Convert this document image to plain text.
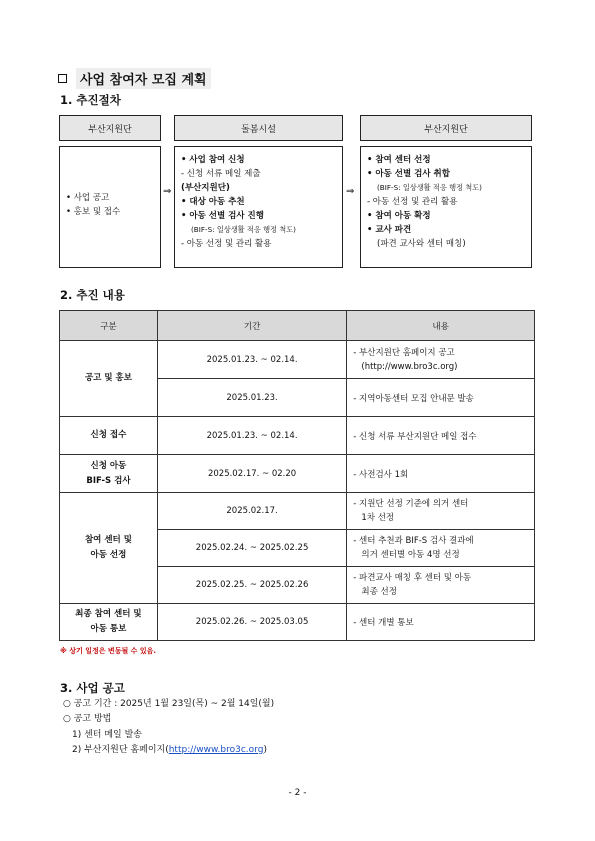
사업 참여자 모집 계획
1. 추진절차
부산지원단
• 사업 공고
• 홍보 및 접수
⇒
돌봄시설
• 사업 참여 신청
- 신청 서류 메일 제출
(부산지원단)
• 대상 아동 추천
• 아동 선별 검사 진행
(BIF-S: 일상생활 적응 행정 척도)
- 아동 선정 및 관리 활용
⇒
부산지원단
• 참여 센터 선정
• 아동 선별 검사 취합
(BIF-S: 일상생활 적응 행정 척도)
- 아동 선정 및 관리 활용
• 참여 아동 확정
• 교사 파견
(파견 교사와 센터 매칭)
2. 추진 내용
구분	기간	내용
공고 및 홍보	2025.01.23. ~ 02.14.	- 부산지원단 홈페이지 공고
(http://www.bro3c.org)
	2025.01.23.	- 지역아동센터 모집 안내문 발송
신청 접수	2025.01.23. ~ 02.14.	- 신청 서류 부산지원단 메일 접수
신청 아동
BIF-S 검사	2025.02.17. ~ 02.20	- 사전검사 1회
참여 센터 및
아동 선정	2025.02.17.	- 지원단 선정 기준에 의거 센터
1차 선정
	2025.02.24. ~ 2025.02.25	- 센터 추천과 BIF-S 검사 결과에
의거 센터별 아동 4명 선정
	2025.02.25. ~ 2025.02.26	- 파견교사 매칭 후 센터 및 아동
최종 선정
최종 참여 센터 및
아동 통보	2025.02.26. ~ 2025.03.05	- 센터 개별 통보
※ 상기 일정은 변동될 수 있음.
3. 사업 공고
○ 공고 기간 : 2025년 1월 23일(목) ~ 2월 14일(월)
○ 공고 방법
1) 센터 메일 발송
2) 부산지원단 홈페이지(http://www.bro3c.org)
- 2 -
